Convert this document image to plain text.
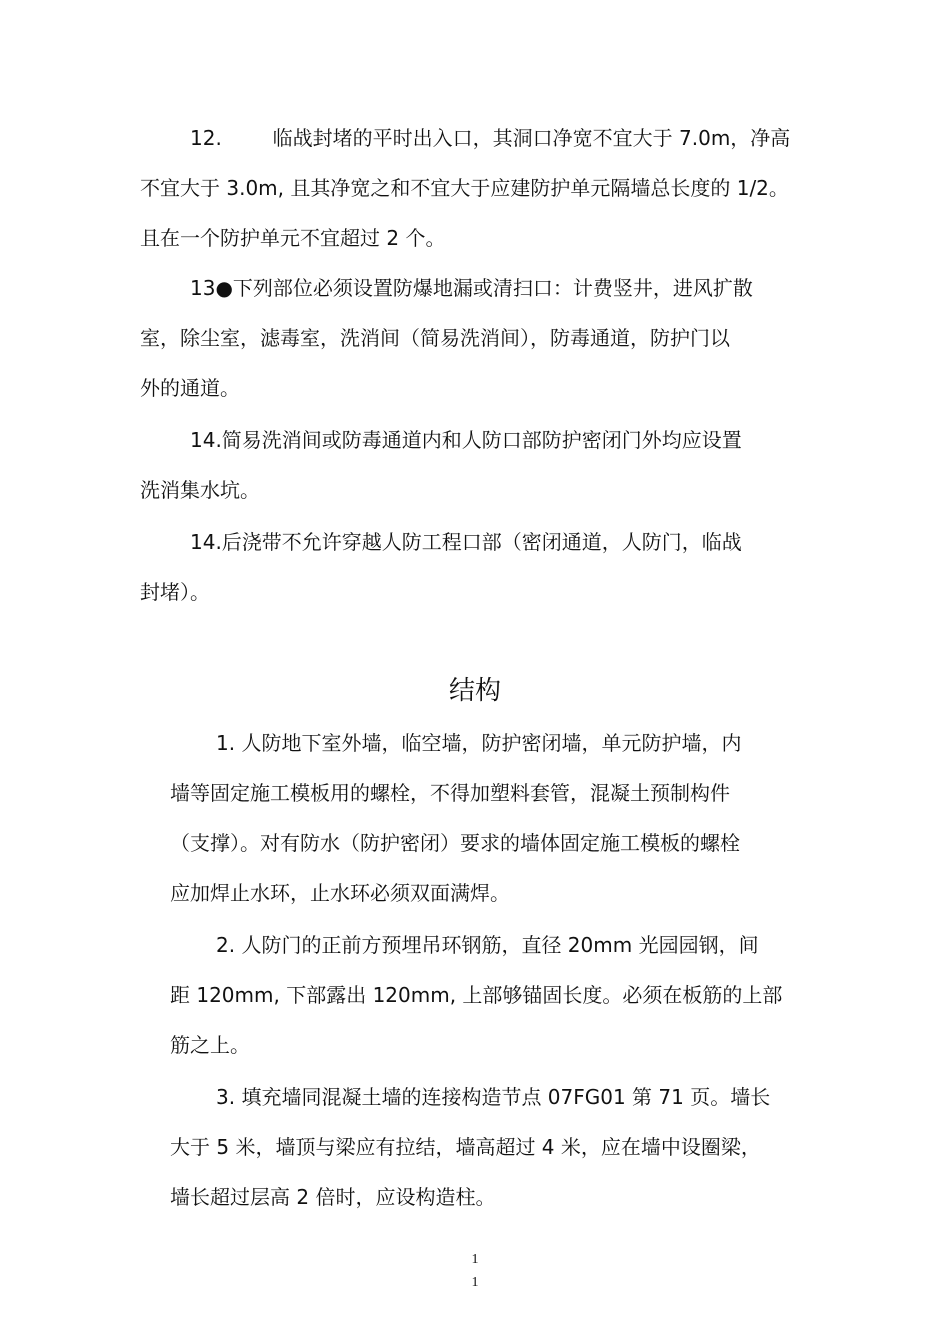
12.        临战封堵的平时出入口，其洞口净宽不宜大于 7.0m，净高
不宜大于 3.0m, 且其净宽之和不宜大于应建防护单元隔墙总长度的 1/2。
且在一个防护单元不宜超过 2 个。
13●下列部位必须设置防爆地漏或清扫口：计费竖井，进风扩散
室，除尘室，滤毒室，洗消间（简易洗消间），防毒通道，防护门以
外的通道。
14.简易洗消间或防毒通道内和人防口部防护密闭门外均应设置
洗消集水坑。
14.后浇带不允许穿越人防工程口部（密闭通道，人防门，临战
封堵）。
结构
1. 人防地下室外墙，临空墙，防护密闭墙，单元防护墙，内
墙等固定施工模板用的螺栓，不得加塑料套管，混凝土预制构件
（支撑）。对有防水（防护密闭）要求的墙体固定施工模板的螺栓
应加焊止水环，止水环必须双面满焊。
2. 人防门的正前方预埋吊环钢筋，直径 20mm 光园园钢，间
距 120mm, 下部露出 120mm, 上部够锚固长度。必须在板筋的上部
筋之上。
3. 填充墙同混凝土墙的连接构造节点 07FG01 第 71 页。墙长
大于 5 米，墙顶与梁应有拉结，墙高超过 4 米，应在墙中设圈梁，
墙长超过层高 2 倍时，应设构造柱。
1
1
